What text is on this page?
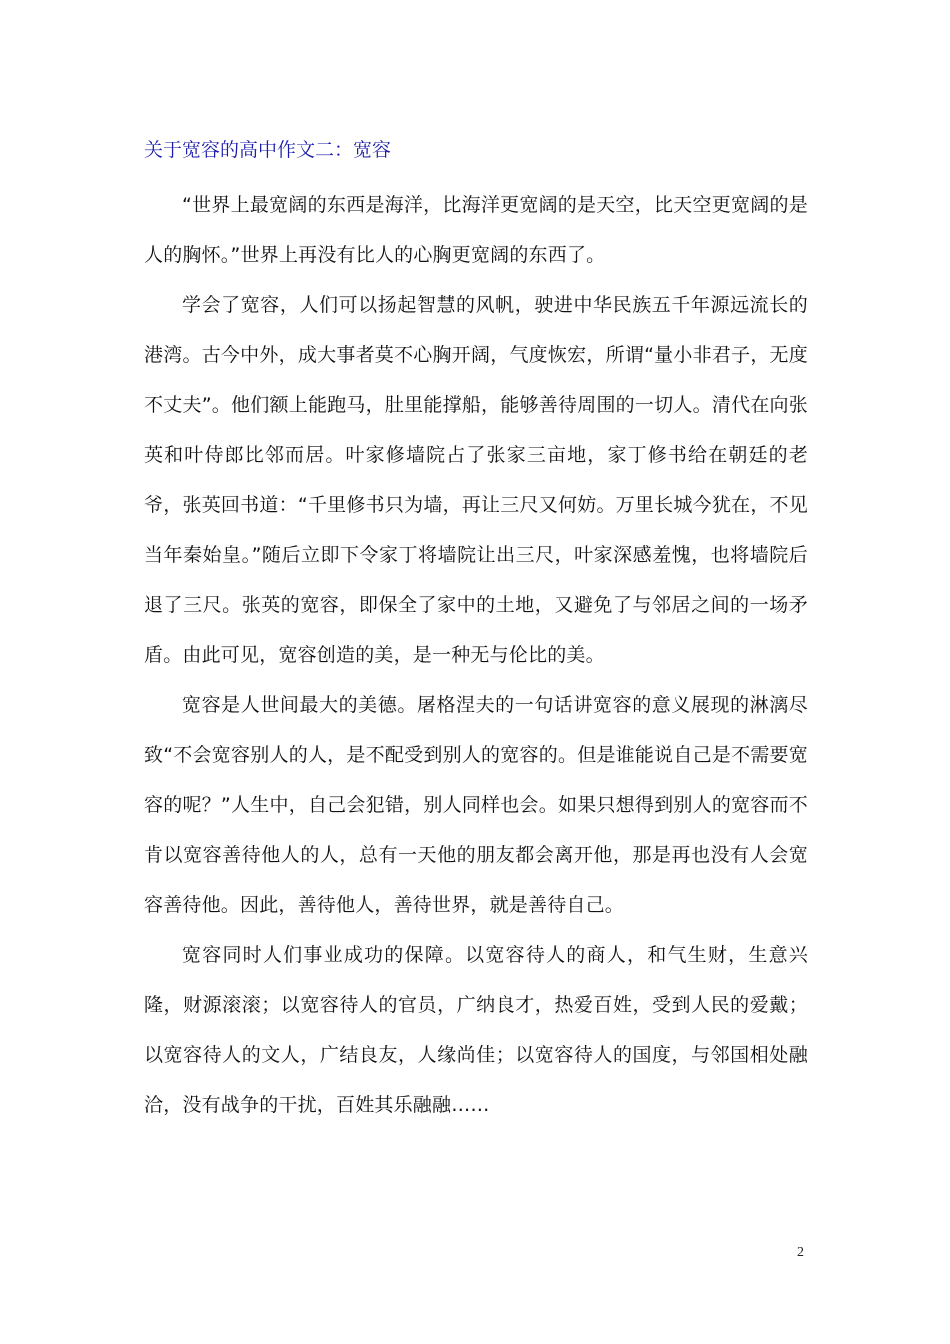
关于宽容的高中作文二：宽容

“世界上最宽阔的东西是海洋，比海洋更宽阔的是天空，比天空更宽阔的是人的胸怀。”世界上再没有比人的心胸更宽阔的东西了。

学会了宽容，人们可以扬起智慧的风帆，驶进中华民族五千年源远流长的港湾。古今中外，成大事者莫不心胸开阔，气度恢宏，所谓“量小非君子，无度不丈夫”。他们额上能跑马，肚里能撑船，能够善待周围的一切人。清代在向张英和叶侍郎比邻而居。叶家修墙院占了张家三亩地，家丁修书给在朝廷的老爷，张英回书道：“千里修书只为墙，再让三尺又何妨。万里长城今犹在，不见当年秦始皇。”随后立即下令家丁将墙院让出三尺，叶家深感羞愧，也将墙院后退了三尺。张英的宽容，即保全了家中的土地，又避免了与邻居之间的一场矛盾。由此可见，宽容创造的美，是一种无与伦比的美。

宽容是人世间最大的美德。屠格涅夫的一句话讲宽容的意义展现的淋漓尽致“不会宽容别人的人，是不配受到别人的宽容的。但是谁能说自己是不需要宽容的呢？”人生中，自己会犯错，别人同样也会。如果只想得到别人的宽容而不肯以宽容善待他人的人，总有一天他的朋友都会离开他，那是再也没有人会宽容善待他。因此，善待他人，善待世界，就是善待自己。

宽容同时人们事业成功的保障。以宽容待人的商人，和气生财，生意兴隆，财源滚滚；以宽容待人的官员，广纳良才，热爱百姓，受到人民的爱戴；以宽容待人的文人，广结良友，人缘尚佳；以宽容待人的国度，与邻国相处融洽，没有战争的干扰，百姓其乐融融……

2
